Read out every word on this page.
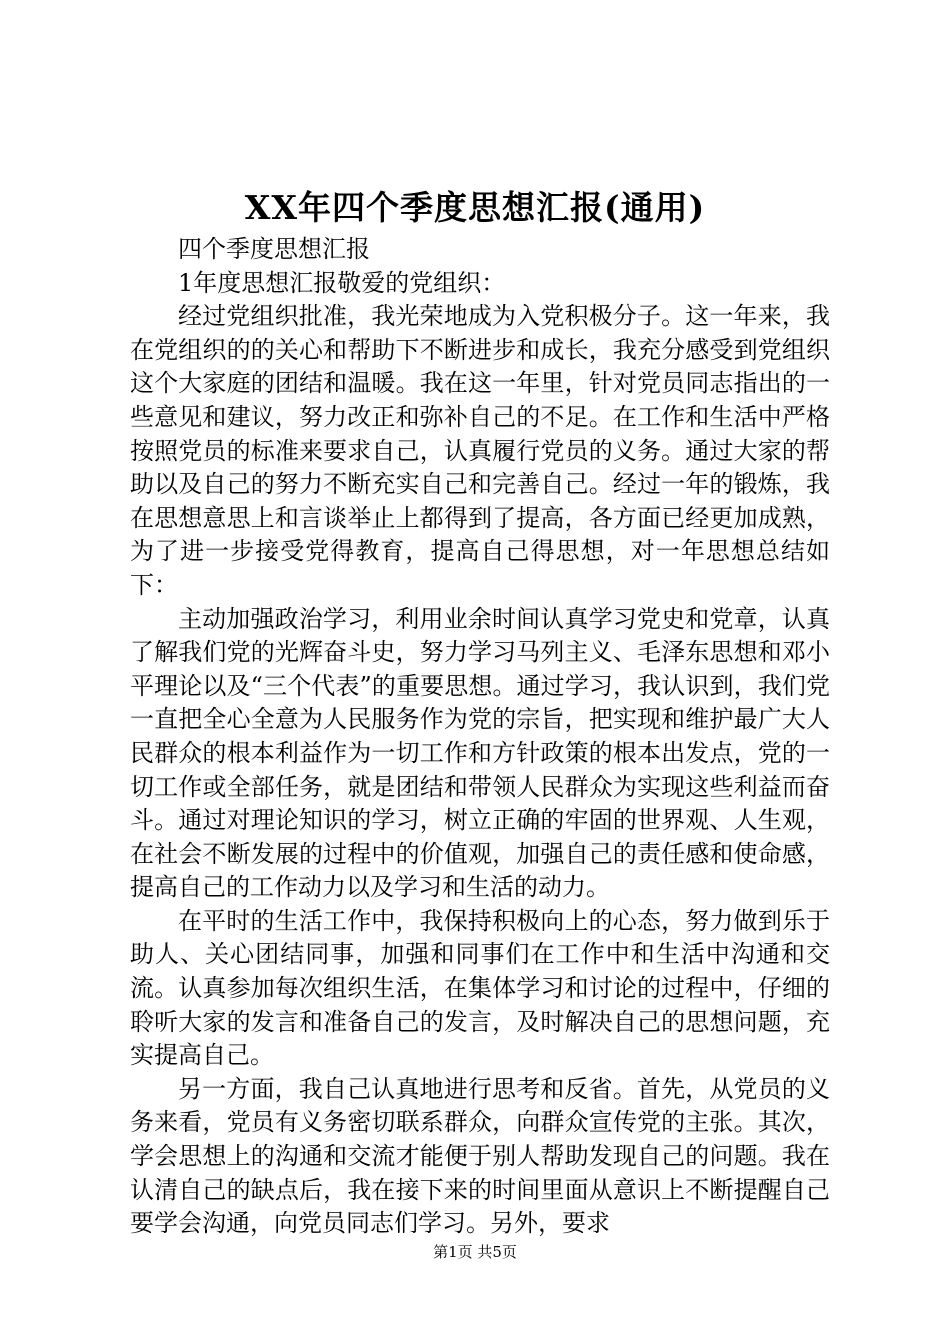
XX年四个季度思想汇报(通用)

四个季度思想汇报

1年度思想汇报敬爱的党组织：

经过党组织批准，我光荣地成为入党积极分子。这一年来，我在党组织的的关心和帮助下不断进步和成长，我充分感受到党组织这个大家庭的团结和温暖。我在这一年里，针对党员同志指出的一些意见和建议，努力改正和弥补自己的不足。在工作和生活中严格按照党员的标准来要求自己，认真履行党员的义务。通过大家的帮助以及自己的努力不断充实自己和完善自己。经过一年的锻炼，我在思想意思上和言谈举止上都得到了提高，各方面已经更加成熟，为了进一步接受党得教育，提高自己得思想，对一年思想总结如下：

主动加强政治学习，利用业余时间认真学习党史和党章，认真了解我们党的光辉奋斗史，努力学习马列主义、毛泽东思想和邓小平理论以及“三个代表”的重要思想。通过学习，我认识到，我们党一直把全心全意为人民服务作为党的宗旨，把实现和维护最广大人民群众的根本利益作为一切工作和方针政策的根本出发点，党的一切工作或全部任务，就是团结和带领人民群众为实现这些利益而奋斗。通过对理论知识的学习，树立正确的牢固的世界观、人生观，在社会不断发展的过程中的价值观，加强自己的责任感和使命感，提高自己的工作动力以及学习和生活的动力。

在平时的生活工作中，我保持积极向上的心态，努力做到乐于助人、关心团结同事，加强和同事们在工作中和生活中沟通和交流。认真参加每次组织生活，在集体学习和讨论的过程中，仔细的聆听大家的发言和准备自己的发言，及时解决自己的思想问题，充实提高自己。

另一方面，我自己认真地进行思考和反省。首先，从党员的义务来看，党员有义务密切联系群众，向群众宣传党的主张。其次，学会思想上的沟通和交流才能便于别人帮助发现自己的问题。我在认清自己的缺点后，我在接下来的时间里面从意识上不断提醒自己要学会沟通，向党员同志们学习。另外，要求

第1页 共5页
